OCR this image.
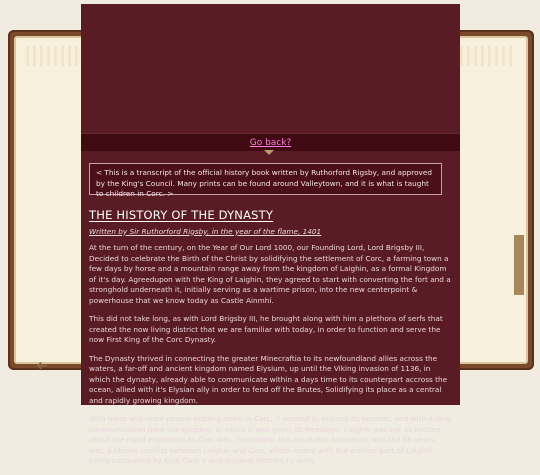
➜
Go back?
< This is a transcript of the official history book written by Ruthorford Rigsby, and approved by the King's Council. Many prints can be found around Valleytown, and it is what is taught to children in Corc. >
THE HISTORY OF THE DYNASTY
Written by Sir Ruthorford Rigsby, in the year of the flame, 1401

At the turn of the century, on the Year of Our Lord 1000, our Founding Lord, Lord Brigsby III, Decided to celebrate the Birth of the Christ by solidifying the settlement of Corc, a farming town a few days by horse and a mountain range away from the kingdom of Laighin, as a formal Kingdom of it's day. Agreedupon with the King of Laighin, they agreed to start with converting the fort and a stronghold underneath it, initially serving as a wartime prison, into the new centerpoint & powerhouse that we know today as Castle Ainmhí.

This did not take long, as with Lord Brigsby III, he brought along with him a plethora of serfs that created the now living district that we are familiar with today, in order to function and serve the now First King of the Corc Dynasty.

The Dynasty thrived in connecting the greater Minecraftia to its newfoundland allies across the waters, a far-off and ancient kingdom named Elysium, up until the Viking invasion of 1136, in which the dynasty, already able to communicate within a days time to its counterpart accross the ocean, allied with it's Elysian ally in order to fend off the Brutes, Solidifying its place as a central and rapidly growing kingdom.

With more and more people settling down in Corc, it needed to expand its borders, and with a long communication from the kingdom in which it was given its freedoms, Laighin was not as excited about the rapid expansion as Corc was. Eventually, the inevitable happened, and the 50 years war, a bloody conflict between Laighin and Corc, which ended with the greater part of Laighin being conquered by King Gael V and General Withers I's army.
